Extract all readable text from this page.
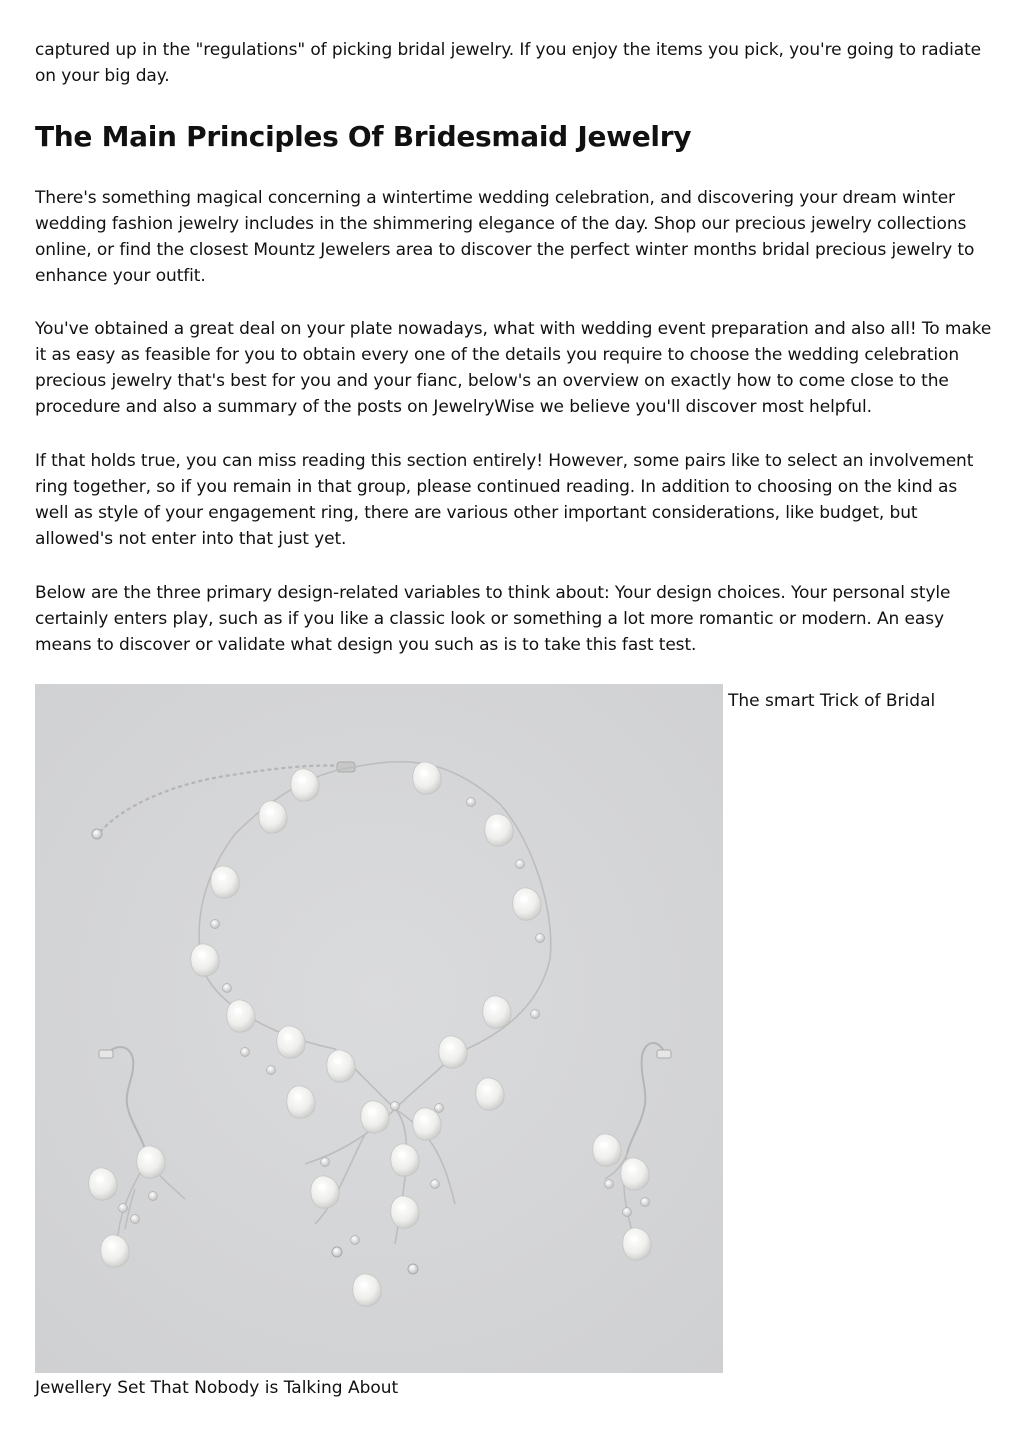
captured up in the "regulations" of picking bridal jewelry. If you enjoy the items you pick, you're going to radiate on your big day.

The Main Principles Of Bridesmaid Jewelry

There's something magical concerning a wintertime wedding celebration, and discovering your dream winter wedding fashion jewelry includes in the shimmering elegance of the day. Shop our precious jewelry collections online, or find the closest Mountz Jewelers area to discover the perfect winter months bridal precious jewelry to enhance your outfit.

You've obtained a great deal on your plate nowadays, what with wedding event preparation and also all! To make it as easy as feasible for you to obtain every one of the details you require to choose the wedding celebration precious jewelry that's best for you and your fianc, below's an overview on exactly how to come close to the procedure and also a summary of the posts on JewelryWise we believe you'll discover most helpful.

If that holds true, you can miss reading this section entirely! However, some pairs like to select an involvement ring together, so if you remain in that group, please continued reading. In addition to choosing on the kind as well as style of your engagement ring, there are various other important considerations, like budget, but allowed's not enter into that just yet.

Below are the three primary design-related variables to think about: Your design choices. Your personal style certainly enters play, such as if you like a classic look or something a lot more romantic or modern. An easy means to discover or validate what design you such as is to take this fast test.

The smart Trick of Bridal

Jewellery Set That Nobody is Talking About
